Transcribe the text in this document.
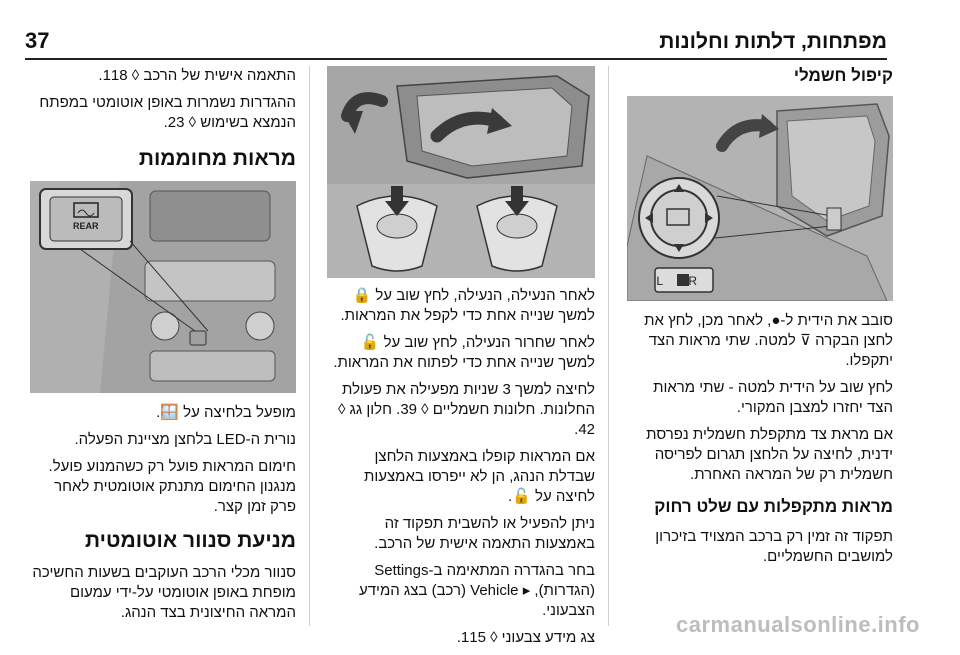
37	מפתחות, דלתות וחלונות
קיפול חשמלי
L R

סובב את הידית ל-●, לאחר מכן, לחץ את לחצן הבקרה ⊽ למטה. שתי מראות הצד יתקפלו.

לחץ שוב על הידית למטה - שתי מראות הצד יחזרו למצבן המקורי.

אם מראת צד מתקפלת חשמלית נפרסת ידנית, לחיצה על הלחצן תגרום לפריסה חשמלית רק של המראה האחרת.

מראות מתקפלות עם שלט רחוק

תפקוד זה זמין רק ברכב המצויד בזיכרון למושבים החשמליים.

לאחר הנעילה, הנעילה, לחץ שוב על 🔒 למשך שנייה אחת כדי לקפל את המראות.

לאחר שחרור הנעילה, לחץ שוב על 🔓 למשך שנייה אחת כדי לפתוח את המראות.

לחיצה למשך 3 שניות מפעילה את פעולת החלונות. חלונות חשמליים ◊ 39. חלון גג ◊ 42.

אם המראות קופלו באמצעות הלחצן שבדלת הנהג, הן לא ייפרסו באמצעות לחיצה על 🔓.

ניתן להפעיל או להשבית תפקוד זה באמצעות התאמה אישית של הרכב.

בחר בהגדרה המתאימה ב-Settings (הגדרות), ▸ Vehicle (רכב) בצג המידע הצבעוני.

צג מידע צבעוני ◊ 115.

התאמה אישית של הרכב ◊ 118.

ההגדרות נשמרות באופן אוטומטי במפתח הנמצא בשימוש ◊ 23.

מראות מחוממות
REAR

מופעל בלחיצה על 🪟.

נורית ה-LED בלחצן מציינת הפעלה.

חימום המראות פועל רק כשהמנוע פועל. מנגנון החימום מתנתק אוטומטית לאחר פרק זמן קצר.

מניעת סנוור אוטומטית

סנוור מכלי הרכב העוקבים בשעות החשיכה מופחת באופן אוטומטי על-ידי עמעום המראה החיצונית בצד הנהג.	carmanualsonline.info
